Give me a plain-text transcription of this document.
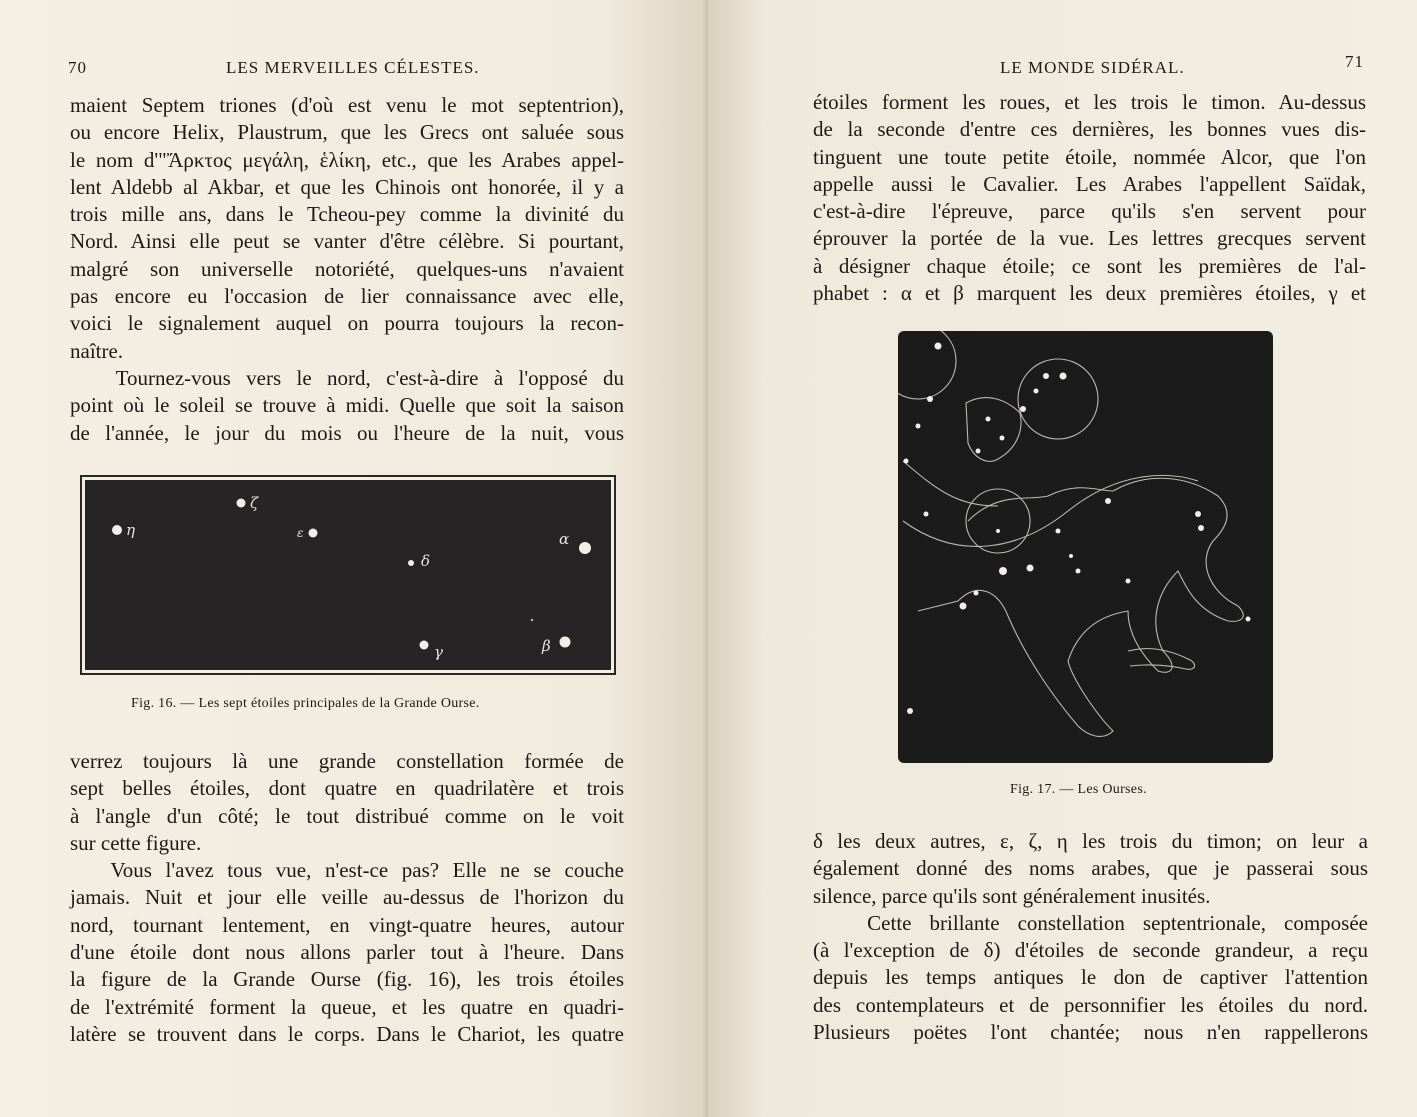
70	LES MERVEILLES CÉLESTES.
maient Septem triones (d'où est venu le mot septentrion),
ou encore Helix, Plaustrum, que les Grecs ont saluée sous
le nom d'"Ἄρκτος μεγάλη, ἑλίκη, etc., que les Arabes appel-
lent Aldebb al Akbar, et que les Chinois ont honorée, il y a
trois mille ans, dans le Tcheou-pey comme la divinité du
Nord. Ainsi elle peut se vanter d'être célèbre. Si pourtant,
malgré son universelle notoriété, quelques-uns n'avaient
pas encore eu l'occasion de lier connaissance avec elle,
voici le signalement auquel on pourra toujours la recon-
naître.
Tournez-vous vers le nord, c'est-à-dire à l'opposé du
point où le soleil se trouve à midi. Quelle que soit la saison
de l'année, le jour du mois ou l'heure de la nuit, vous
η
ζ
ε
δ
α
γ	β
Fig. 16. — Les sept étoiles principales de la Grande Ourse.
verrez toujours là une grande constellation formée de
sept belles étoiles, dont quatre en quadrilatère et trois
à l'angle d'un côté; le tout distribué comme on le voit
sur cette figure.
Vous l'avez tous vue, n'est-ce pas? Elle ne se couche
jamais. Nuit et jour elle veille au-dessus de l'horizon du
nord, tournant lentement, en vingt-quatre heures, autour
d'une étoile dont nous allons parler tout à l'heure. Dans
la figure de la Grande Ourse (fig. 16), les trois étoiles
de l'extrémité forment la queue, et les quatre en quadri-
latère se trouvent dans le corps. Dans le Chariot, les quatre
LE MONDE SIDÉRAL.	71
étoiles forment les roues, et les trois le timon. Au-dessus
de la seconde d'entre ces dernières, les bonnes vues dis-
tinguent une toute petite étoile, nommée Alcor, que l'on
appelle aussi le Cavalier. Les Arabes l'appellent Saïdak,
c'est-à-dire l'épreuve, parce qu'ils s'en servent pour
éprouver la portée de la vue. Les lettres grecques servent
à désigner chaque étoile; ce sont les premières de l'al-
phabet : α et β marquent les deux premières étoiles, γ et
Fig. 17. — Les Ourses.
δ les deux autres, ε, ζ, η les trois du timon; on leur a
également donné des noms arabes, que je passerai sous
silence, parce qu'ils sont généralement inusités.
Cette brillante constellation septentrionale, composée
(à l'exception de δ) d'étoiles de seconde grandeur, a reçu
depuis les temps antiques le don de captiver l'attention
des contemplateurs et de personnifier les étoiles du nord.
Plusieurs poëtes l'ont chantée; nous n'en rappellerons
